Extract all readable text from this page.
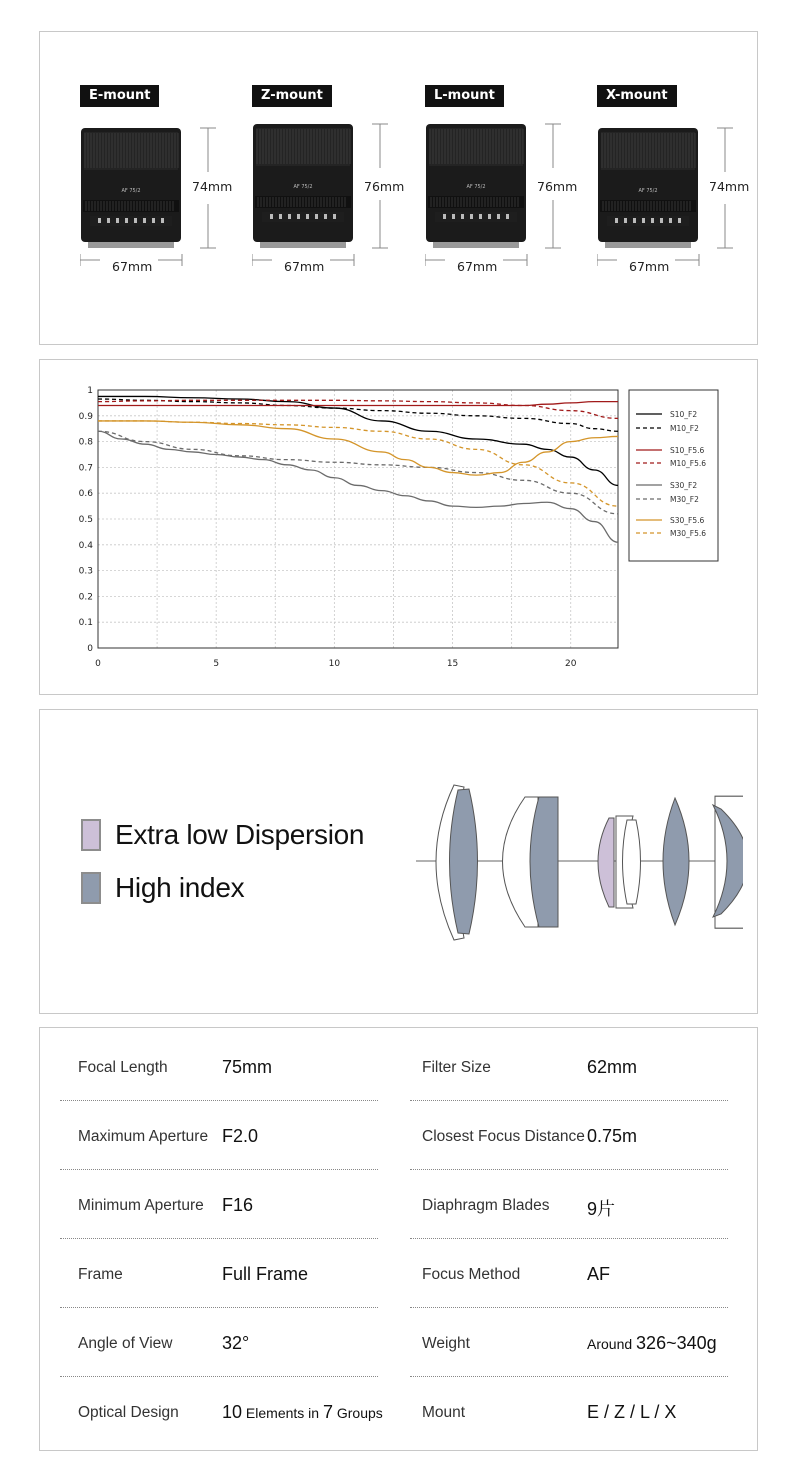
E-mount
AF 75/2	74mm
67mm
Z-mount
AF 75/2	76mm
67mm
L-mount
AF 75/2	76mm
67mm
X-mount
AF 75/2	74mm
67mm
0
0.1
0.2
0.3
0.4
0.5
0.6
0.7
0.8
0.9
1
0	5	10	15	20
S10_F2
M10_F2
S10_F5.6
M10_F5.6
S30_F2
M30_F2
S30_F5.6
M30_F5.6
Extra low Dispersion
High index
Focal Length	75mm
Maximum Aperture F2.0
Minimum Aperture F16
Frame	Full Frame
Angle of View	32°
Optical Design 10 Elements in 7 Groups
Filter Size	62mm
Closest Focus Distance 0.75m
Diaphragm Blades 9片
Focus Method	AF
Weight	Around 326~340g
Mount	E / Z / L / X
